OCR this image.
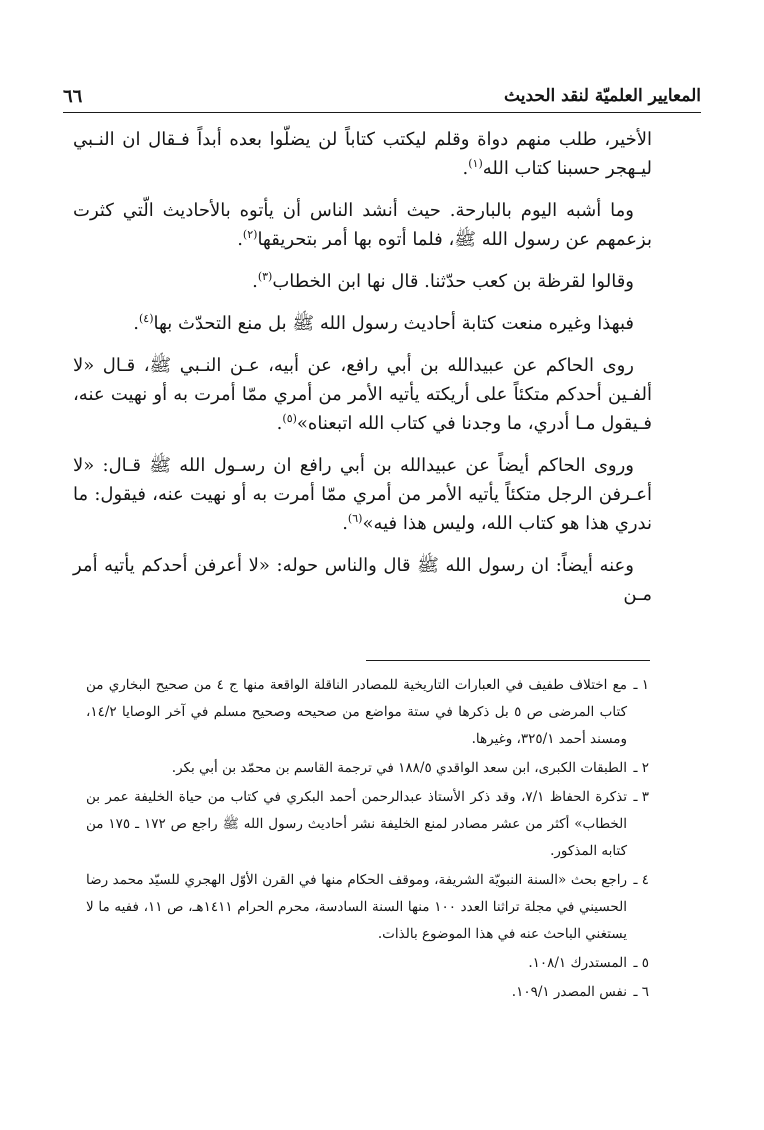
المعايير العلميّة لنقد الحديث
٦٦

الأخير، طلب منهم دواة وقلم ليكتب كتاباً لن يضلّوا بعده أبداً فـقال ان النـبي ليـهجر حسبنا كتاب الله$^{(١)}$.

وما أشبه اليوم بالبارحة. حيث أنشد الناس أن يأتوه بالأحاديث الّتي كثرت بزعمهم عن رسول الله ﷺ، فلما أتوه بها أمر بتحريقها$^{(٢)}$.

وقالوا لقرظة بن كعب حدّثنا. قال نها ابن الخطاب$^{(٣)}$.

فبهذا وغيره منعت كتابة أحاديث رسول الله ﷺ بل منع التحدّث بها$^{(٤)}$.

روى الحاكم عن عبيدالله بن أبي رافع، عن أبيه، عـن النـبي ﷺ، قـال «لا ألفـين أحدكم متكئاً على أريكته يأتيه الأمر من أمري ممّا أمرت به أو نهيت عنه، فـيقول مـا أدري، ما وجدنا في كتاب الله اتبعناه»$^{(٥)}$.

وروى الحاكم أيضاً عن عبيدالله بن أبي رافع ان رسـول الله ﷺ قـال: «لا أعـرفن الرجل متكئاً يأتيه الأمر من أمري ممّا أمرت به أو نهيت عنه، فيقول: ما ندري هذا هو كتاب الله، وليس هذا فيه»$^{(٦)}$.

وعنه أيضاً: ان رسول الله ﷺ قال والناس حوله: «لا أعرفن أحدكم يأتيه أمر مـن

١ ـ
مع اختلاف طفيف في العبارات التاريخية للمصادر الناقلة الواقعة منها ج ٤ من صحيح البخاري من كتاب المرضى ص ٥ بل ذكرها في ستة مواضع من صحيحه وصحيح مسلم في آخر الوصايا ١٤/٢، ومسند أحمد ٣٢٥/١، وغيرها.
٢ ـ
الطبقات الكبرى، ابن سعد الواقدي ١٨٨/٥ في ترجمة القاسم بن محمّد بن أبي بكر.
٣ ـ
تذكرة الحفاظ ٧/١، وقد ذكر الأستاذ عبدالرحمن أحمد البكري في كتاب من حياة الخليفة عمر بن الخطاب» أكثر من عشر مصادر لمنع الخليفة نشر أحاديث رسول الله ﷺ راجع ص ١٧٢ ـ ١٧٥ من كتابه المذكور.
٤ ـ
راجع بحث «السنة النبويّة الشريفة، وموقف الحكام منها في القرن الأوّل الهجري للسيّد محمد رضا الحسيني في مجلة تراثنا العدد ١٠٠ منها السنة السادسة، محرم الحرام ١٤١١هـ، ص ١١، ففيه ما لا يستغني الباحث عنه في هذا الموضوع بالذات.
٥ ـ
المستدرك ١٠٨/١.
٦ ـ
نفس المصدر ١٠٩/١.
